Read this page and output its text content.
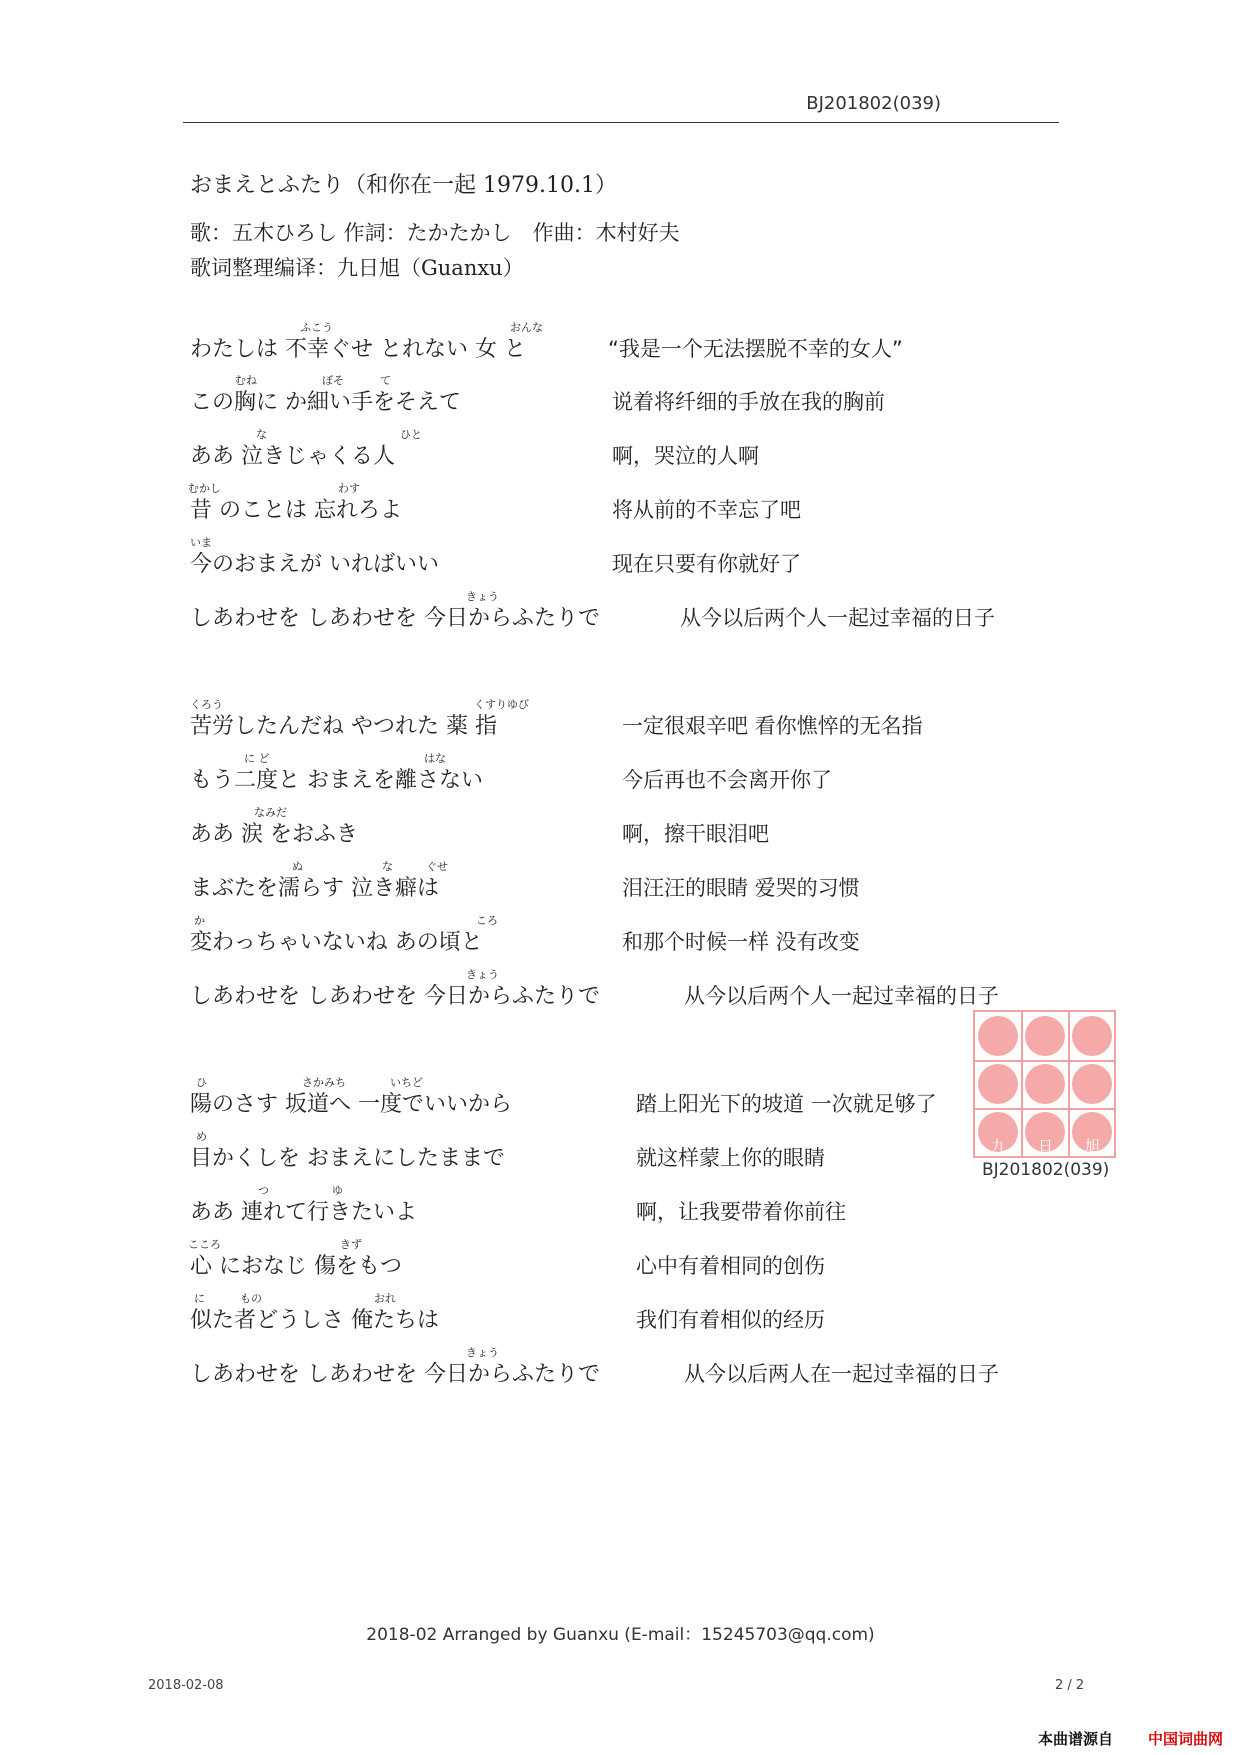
BJ201802(039)
おまえとふたり（和你在一起 1979.10.1）
歌：五木ひろし 作詞：たかたかし　作曲：木村好夫
歌词整理编译：九日旭（Guanxu）
ふこう	おんな
わたしは 不幸ぐせ とれない 女 と	“我是一个无法摆脱不幸的女人”
むね	ぼそ	て
この胸に か細い手をそえて	说着将纤细的手放在我的胸前
な	ひと
ああ 泣きじゃくる人	啊，哭泣的人啊
むかし	わす
昔 のことは 忘れろよ	将从前的不幸忘了吧
いま
今のおまえが いればいい	现在只要有你就好了
きょう
しあわせを しあわせを 今日からふたりで	从今以后两个人一起过幸福的日子
くろう	くすりゆび
苦労したんだね やつれた 薬 指	一定很艰辛吧 看你憔悴的无名指
に ど	はな
もう二度と おまえを離さない	今后再也不会离开你了
なみだ
ああ 涙 をおふき	啊，擦干眼泪吧
ぬ	な	ぐせ
まぶたを濡らす 泣き癖は	泪汪汪的眼睛 爱哭的习惯
か	ころ
変わっちゃいないね あの頃と	和那个时候一样 没有改变
きょう
しあわせを しあわせを 今日からふたりで	从今以后两个人一起过幸福的日子
ひ	さかみち	いちど
陽のさす 坂道へ 一度でいいから	踏上阳光下的坡道 一次就足够了
め
目かくしを おまえにしたままで	就这样蒙上你的眼睛
つ	ゆ
ああ 連れて行きたいよ	啊，让我要带着你前往
こころ	きず
心 におなじ 傷をもつ	心中有着相同的创伤
に	もの	おれ
似た者どうしさ 俺たちは	我们有着相似的经历
きょう
しあわせを しあわせを 今日からふたりで	从今以后两人在一起过幸福的日子
九	日	旭
BJ201802(039)
2018-02 Arranged by Guanxu (E-mail：15245703@qq.com)
2018-02-08	2 / 2
本曲谱源自 中国词曲网
